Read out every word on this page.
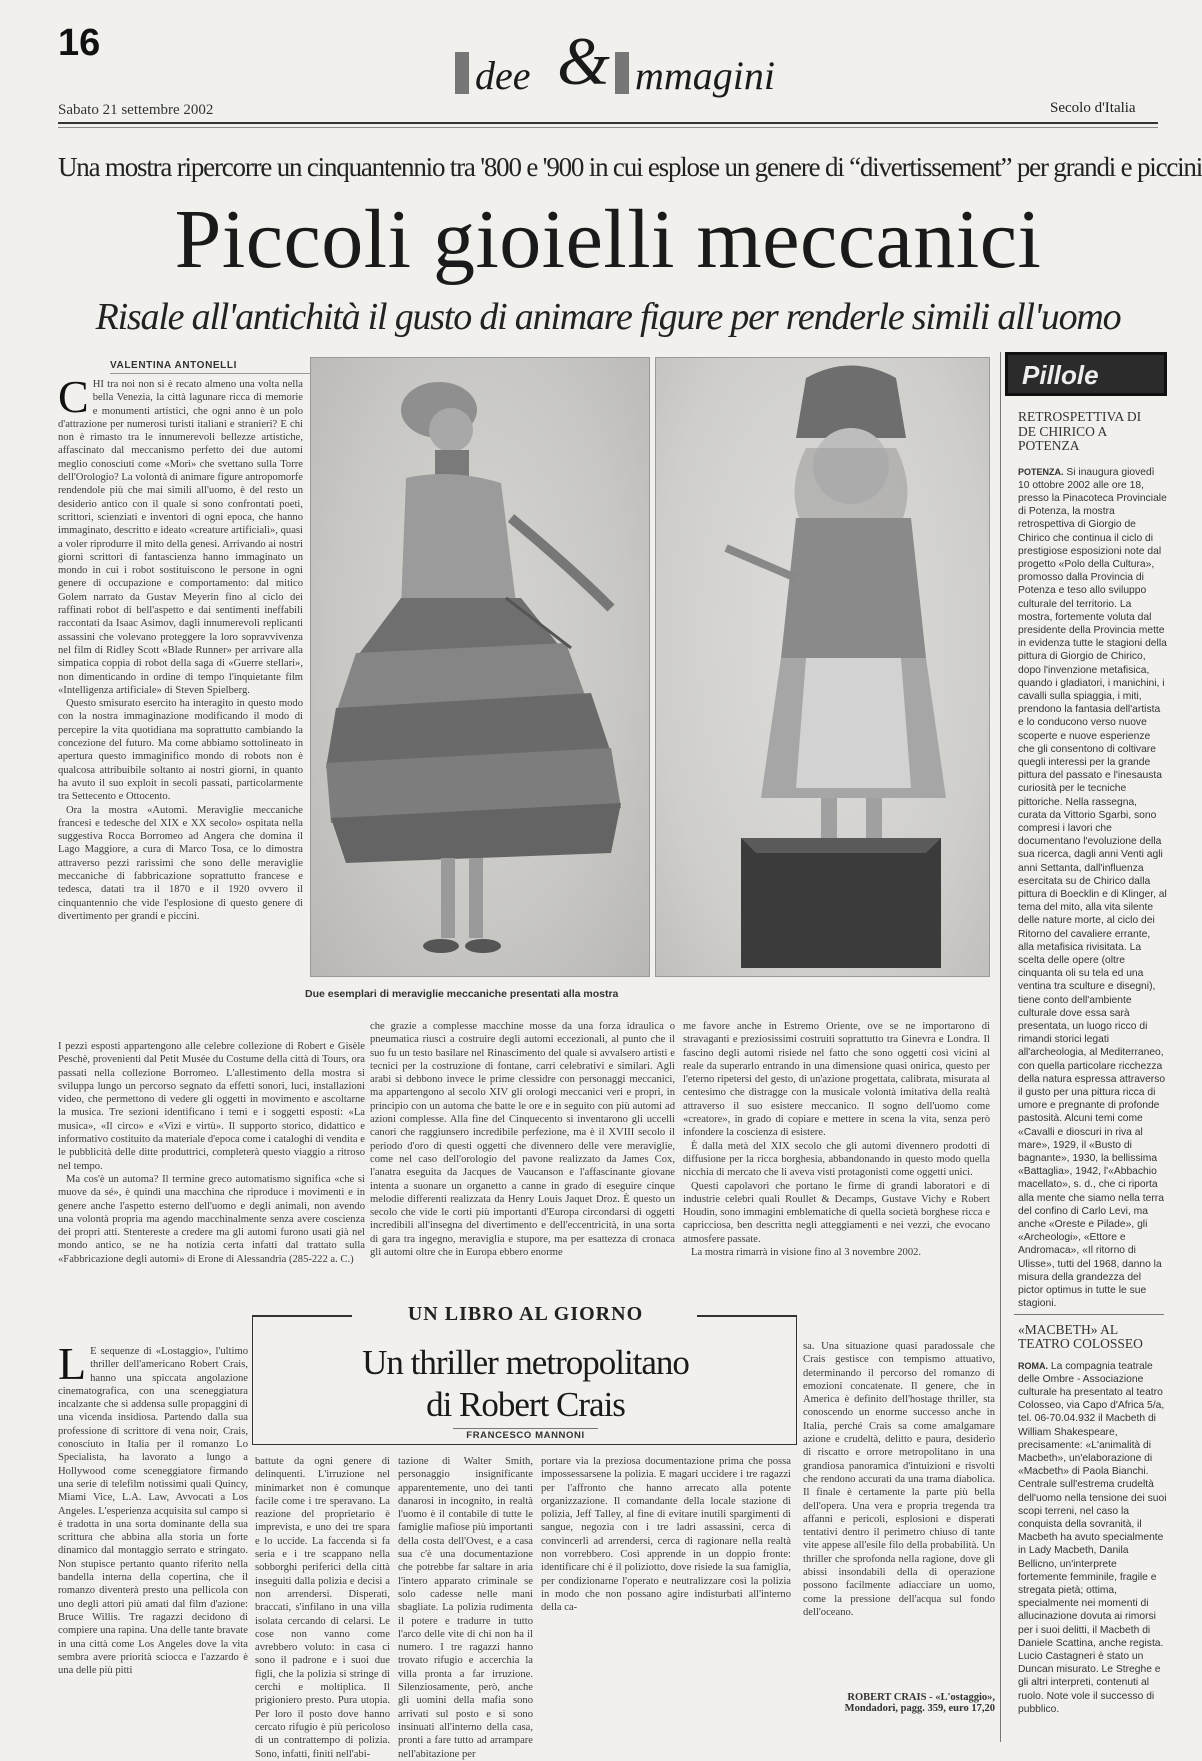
16
dee & mmagini
Sabato 21 settembre 2002	Secolo d'Italia
Una mostra ripercorre un cinquantennio tra '800 e '900 in cui esplose un genere di “divertissement” per grandi e piccini
Piccoli gioielli meccanici
Risale all'antichità il gusto di animare figure per renderle simili all'uomo
VALENTINA ANTONELLI

CHI tra noi non si è recato almeno una volta nella bella Venezia, la città lagunare ricca di memorie e monumenti artistici, che ogni anno è un polo d'attrazione per numerosi turisti italiani e stranieri? E chi non è rimasto tra le innumerevoli bellezze artistiche, affascinato dal meccanismo perfetto dei due automi meglio conosciuti come «Mori» che svettano sulla Torre dell'Orologio? La volontà di animare figure antropomorfe rendendole più che mai simili all'uomo, è del resto un desiderio antico con il quale si sono confrontati poeti, scrittori, scienziati e inventori di ogni epoca, che hanno immaginato, descritto e ideato «creature artificiali», quasi a voler riprodurre il mito della genesi. Arrivando ai nostri giorni scrittori di fantascienza hanno immaginato un mondo in cui i robot sostituiscono le persone in ogni genere di occupazione e comportamento: dal mitico Golem narrato da Gustav Meyerin fino al ciclo dei raffinati robot di bell'aspetto e dai sentimenti ineffabili raccontati da Isaac Asimov, dagli innumerevoli replicanti assassini che volevano proteggere la loro sopravvivenza nel film di Ridley Scott «Blade Runner» per arrivare alla simpatica coppia di robot della saga di «Guerre stellari», non dimenticando in ordine di tempo l'inquietante film «Intelligenza artificiale» di Steven Spielberg.

Questo smisurato esercito ha interagito in questo modo con la nostra immaginazione modificando il modo di percepire la vita quotidiana ma soprattutto cambiando la concezione del futuro. Ma come abbiamo sottolineato in apertura questo immaginifico mondo di robots non è qualcosa attribuibile soltanto ai nostri giorni, in quanto ha avuto il suo exploit in secoli passati, particolarmente tra Settecento e Ottocento.

Ora la mostra «Automi. Meraviglie meccaniche francesi e tedesche del XIX e XX secolo» ospitata nella suggestiva Rocca Borromeo ad Angera che domina il Lago Maggiore, a cura di Marco Tosa, ce lo dimostra attraverso pezzi rarissimi che sono delle meraviglie meccaniche di fabbricazione soprattutto francese e tedesca, datati tra il 1870 e il 1920 ovvero il cinquantennio che vide l'esplosione di questo genere di divertimento per grandi e piccini.

Due esemplari di meraviglie meccaniche presentati alla mostra

I pezzi esposti appartengono alle celebre collezione di Robert e Gisèle Peschè, provenienti dal Petit Musée du Costume della città di Tours, ora passati nella collezione Borromeo. L'allestimento della mostra si sviluppa lungo un percorso segnato da effetti sonori, luci, installazioni video, che permettono di vedere gli oggetti in movimento e ascoltarne la musica. Tre sezioni identificano i temi e i soggetti esposti: «La musica», «Il circo» e «Vizi e virtù». Il supporto storico, didattico e informativo costituito da materiale d'epoca come i cataloghi di vendita e le pubblicità delle ditte produttrici, completerà questo viaggio a ritroso nel tempo.

Ma cos'è un automa? Il termine greco automatismo significa «che si muove da sé», è quindi una macchina che riproduce i movimenti e in genere anche l'aspetto esterno dell'uomo e degli animali, non avendo una volontà propria ma agendo macchinalmente senza avere coscienza dei propri atti. Stentereste a credere ma gli automi furono usati già nel mondo antico, se ne ha notizia certa infatti dal trattato sulla «Fabbricazione degli automi» di Erone di Alessandria (285-222 a. C.)

che grazie a complesse macchine mosse da una forza idraulica o pneumatica riuscì a costruire degli automi eccezionali, al punto che il suo fu un testo basilare nel Rinascimento del quale si avvalsero artisti e tecnici per la costruzione di fontane, carri celebrativi e similari. Agli arabi si debbono invece le prime clessidre con personaggi meccanici, ma appartengono al secolo XIV gli orologi meccanici veri e propri, in principio con un automa che batte le ore e in seguito con più automi ad azioni complesse. Alla fine del Cinquecento si inventarono gli uccelli canori che raggiunsero incredibile perfezione, ma è il XVIII secolo il periodo d'oro di questi oggetti che divennero delle vere meraviglie, come nel caso dell'orologio del pavone realizzato da James Cox, l'anatra eseguita da Jacques de Vaucanson e l'affascinante giovane intenta a suonare un organetto a canne in grado di eseguire cinque melodie differenti realizzata da Henry Louis Jaquet Droz. È questo un secolo che vide le corti più importanti d'Europa circondarsi di oggetti incredibili all'insegna del divertimento e dell'eccentricità, in una sorta di gara tra ingegno, meraviglia e stupore, ma per esattezza di cronaca gli automi oltre che in Europa ebbero enorme

me favore anche in Estremo Oriente, ove se ne importarono di stravaganti e preziosissimi costruiti soprattutto tra Ginevra e Londra. Il fascino degli automi risiede nel fatto che sono oggetti così vicini al reale da superarlo entrando in una dimensione quasi onirica, questo per l'eterno ripetersi del gesto, di un'azione progettata, calibrata, misurata al centesimo che distragge con la musicale volontà imitativa della realtà attraverso il suo esistere meccanico. Il sogno dell'uomo come «creatore», in grado di copiare e mettere in scena la vita, senza però infondere la coscienza di esistere.

È dalla metà del XIX secolo che gli automi divennero prodotti di diffusione per la ricca borghesia, abbandonando in questo modo quella nicchia di mercato che li aveva visti protagonisti come oggetti unici.

Questi capolavori che portano le firme di grandi laboratori e di industrie celebri quali Roullet & Decamps, Gustave Vichy e Robert Houdin, sono immagini emblematiche di quella società borghese ricca e capricciosa, ben descritta negli atteggiamenti e nei vezzi, che evocano atmosfere passate.

La mostra rimarrà in visione fino al 3 novembre 2002.

Pillole
RETROSPETTIVA DI DE CHIRICO A POTENZA

POTENZA. Si inaugura giovedì 10 ottobre 2002 alle ore 18, presso la Pinacoteca Provinciale di Potenza, la mostra retrospettiva di Giorgio de Chirico che continua il ciclo di prestigiose esposizioni note dal progetto «Polo della Cultura», promosso dalla Provincia di Potenza e teso allo sviluppo culturale del territorio. La mostra, fortemente voluta dal presidente della Provincia mette in evidenza tutte le stagioni della pittura di Giorgio de Chirico, dopo l'invenzione metafisica, quando i gladiatori, i manichini, i cavalli sulla spiaggia, i miti, prendono la fantasia dell'artista e lo conducono verso nuove scoperte e nuove esperienze che gli consentono di coltivare quegli interessi per la grande pittura del passato e l'inesausta curiosità per le tecniche pittoriche. Nella rassegna, curata da Vittorio Sgarbi, sono compresi i lavori che documentano l'evoluzione della sua ricerca, dagli anni Venti agli anni Settanta, dall'influenza esercitata su de Chirico dalla pittura di Boecklin e di Klinger, al tema del mito, alla vita silente delle nature morte, al ciclo dei Ritorno del cavaliere errante, alla metafisica rivisitata. La scelta delle opere (oltre cinquanta oli su tela ed una ventina tra sculture e disegni), tiene conto dell'ambiente culturale dove essa sarà presentata, un luogo ricco di rimandi storici legati all'archeologia, al Mediterraneo, con quella particolare ricchezza della natura espressa attraverso il gusto per una pittura ricca di umore e pregnante di profonde pastosità. Alcuni temi come «Cavalli e dioscuri in riva al mare», 1929, il «Busto di bagnante», 1930, la bellissima «Battaglia», 1942, l'«Abbachio macellato», s. d., che ci riporta alla mente che siamo nella terra del confino di Carlo Levi, ma anche «Oreste e Pilade», gli «Archeologi», «Ettore e Andromaca», «Il ritorno di Ulisse», tutti del 1968, danno la misura della grandezza del pictor optimus in tutte le sue stagioni.

«MACBETH» AL TEATRO COLOSSEO

ROMA. La compagnia teatrale delle Ombre - Associazione culturale ha presentato al teatro Colosseo, via Capo d'Africa 5/a, tel. 06-70.04.932 il Macbeth di William Shakespeare, precisamente: «L'animalità di Macbeth», un'elaborazione di «Macbeth» di Paola Bianchi. Centrale sull'estrema crudeltà dell'uomo nella tensione dei suoi scopi terreni, nel caso la conquista della sovranità, il Macbeth ha avuto specialmente in Lady Macbeth, Danila Bellicno, un'interprete fortemente femminile, fragile e stregata pietà; ottima, specialmente nei momenti di allucinazione dovuta ai rimorsi per i suoi delitti, il Macbeth di Daniele Scattina, anche regista. Lucio Castagneri è stato un Duncan misurato. Le Streghe e gli altri interpreti, contenuti al ruolo. Note vole il successo di pubblico.

UN LIBRO AL GIORNO
Un thriller metropolitano
di Robert Crais
FRANCESCO MANNONI

L E sequenze di «Lostaggio», l'ultimo thriller dell'americano Robert Crais, hanno una spiccata angolazione cinematografica, con una sceneggiatura incalzante che si addensa sulle propaggini di una vicenda insidiosa. Partendo dalla sua professione di scrittore di vena noir, Crais, conosciuto in Italia per il romanzo Lo Specialista, ha lavorato a lungo a Hollywood come sceneggiatore firmando una serie di telefilm notissimi quali Quincy, Miami Vice, L.A. Law, Avvocati a Los Angeles. L'esperienza acquisita sul campo si è tradotta in una sorta dominante della sua scrittura che abbina alla storia un forte dinamico dal montaggio serrato e stringato. Non stupisce pertanto quanto riferito nella bandella interna della copertina, che il romanzo diventerà presto una pellicola con uno degli attori più amati dal film d'azione: Bruce Willis. Tre ragazzi decidono di compiere una rapina. Una delle tante bravate in una città come Los Angeles dove la vita sembra avere priorità sciocca e l'azzardo è una delle più pitti

battute da ogni genere di delinquenti. L'irruzione nel minimarket non è comunque facile come i tre speravano. La reazione del proprietario è imprevista, e uno dei tre spara e lo uccide. La faccenda si fa seria e i tre scappano nella sobborghi periferici della città inseguiti dalla polizia e decisi a non arrendersi. Disperati, braccati, s'infilano in una villa isolata cercando di celarsi. Le cose non vanno come avrebbero voluto: in casa ci sono il padrone e i suoi due figli, che la polizia si stringe di cerchi e moltiplica. Il prigioniero presto. Pura utopia. Per loro il posto dove hanno cercato rifugio è più pericoloso di un contrattempo di polizia. Sono, infatti, finiti nell'abi-

tazione di Walter Smith, personaggio insignificante apparentemente, uno dei tanti danarosi in incognito, in realtà l'uomo è il contabile di tutte le famiglie mafiose più importanti della costa dell'Ovest, e a casa sua c'è una documentazione che potrebbe far saltare in aria l'intero apparato criminale se solo cadesse nelle mani sbagliate. La polizia rudimenta il potere e tradurre in tutto l'arco delle vite di chi non ha il numero. I tre ragazzi hanno trovato rifugio e accerchia la villa pronta a far irruzione. Silenziosamente, però, anche gli uomini della mafia sono arrivati sul posto e si sono insinuati all'interno della casa, pronti a fare tutto ad arrampare nell'abitazione per

portare via la preziosa documentazione prima che possa impossessarsene la polizia. E magari uccidere i tre ragazzi per l'affronto che hanno arrecato alla potente organizzazione. Il comandante della locale stazione di polizia, Jeff Talley, al fine di evitare inutili spargimenti di sangue, negozia con i tre ladri assassini, cerca di convincerli ad arrendersi, cerca di ragionare nella realtà non vorrebbero. Così apprende in un doppio fronte: identificare chi è il poliziotto, dove risiede la sua famiglia, per condizionarne l'operato e neutralizzare così la polizia in modo che non possano agire indisturbati all'interno della ca-

sa. Una situazione quasi paradossale che Crais gestisce con tempismo attuativo, determinando il percorso del romanzo di emozioni concatenate. Il genere, che in America è definito dell'hostage thriller, sta conoscendo un enorme successo anche in Italia, perché Crais sa come amalgamare azione e crudeltà, delitto e paura, desiderio di riscatto e orrore metropolitano in una grandiosa panoramica d'intuizioni e risvolti che rendono accurati da una trama diabolica. Il finale è certamente la parte più bella dell'opera. Una vera e propria tregenda tra affanni e pericoli, esplosioni e disperati tentativi dentro il perimetro chiuso di tante vite appese all'esile filo della probabilità. Un thriller che sprofonda nella ragione, dove gli abissi insondabili della di operazione possono facilmente adiacciare un uomo, come la pressione dell'acqua sul fondo dell'oceano.

ROBERT CRAIS - «L'ostaggio»,
Mondadori, pagg. 359, euro 17,20
